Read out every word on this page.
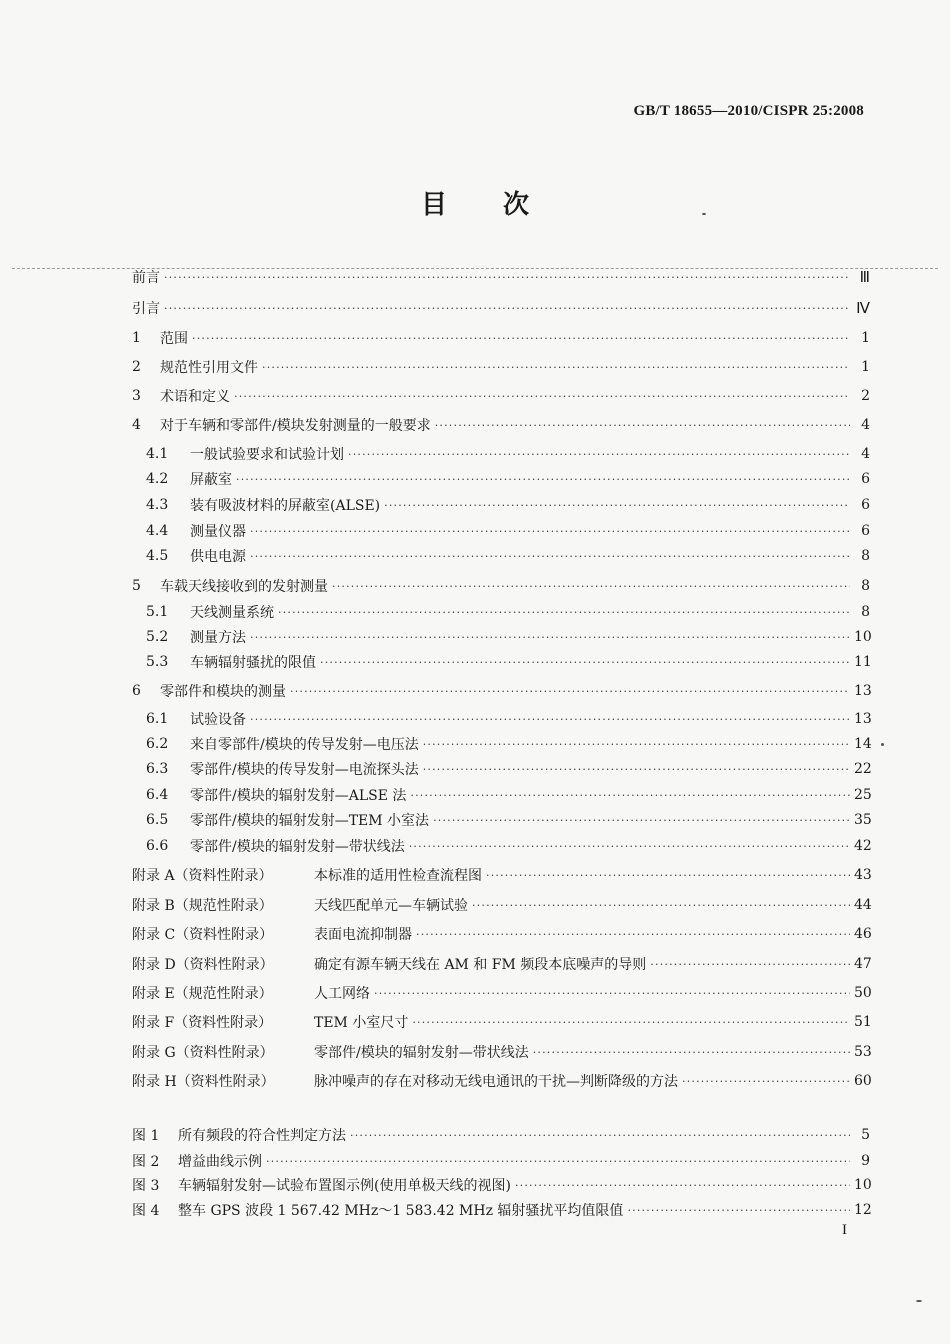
GB/T 18655—2010/CISPR 25:2008
目次
前言 ·····	Ⅲ
引言 ·····	Ⅳ
1	范围 ·····	1
2	规范性引用文件 ·····	1
3	术语和定义 ·····	2
4	对于车辆和零部件/模块发射测量的一般要求 ·····	4
4.1	一般试验要求和试验计划 ·····	4
4.2	屏蔽室 ·····	6
4.3	装有吸波材料的屏蔽室(ALSE) ·····	6
4.4	测量仪器 ·····	6
4.5	供电电源 ·····	8
5	车载天线接收到的发射测量 ·····	8
5.1	天线测量系统 ·····	8
5.2	测量方法 ·····	10
5.3	车辆辐射骚扰的限值 ·····	11
6	零部件和模块的测量 ·····	13
6.1	试验设备 ·····	13
6.2	来自零部件/模块的传导发射—电压法 ·····	14
6.3	零部件/模块的传导发射—电流探头法 ·····	22
6.4	零部件/模块的辐射发射—ALSE 法 ·····	25
6.5	零部件/模块的辐射发射—TEM 小室法 ·····	35
6.6	零部件/模块的辐射发射—带状线法 ·····	42
附录 A（资料性附录）	本标准的适用性检查流程图 ·····	43
附录 B（规范性附录）	天线匹配单元—车辆试验 ·····	44
附录 C（资料性附录）	表面电流抑制器 ·····	46
附录 D（资料性附录）	确定有源车辆天线在 AM 和 FM 频段本底噪声的导则 ·····	47
附录 E（规范性附录）	人工网络 ·····	50
附录 F（资料性附录）	TEM 小室尺寸 ·····	51
附录 G（资料性附录）	零部件/模块的辐射发射—带状线法 ·····	53
附录 H（资料性附录）	脉冲噪声的存在对移动无线电通讯的干扰—判断降级的方法 ·····	60
图 1	所有频段的符合性判定方法 ·····	5
图 2	增益曲线示例 ·····	9
图 3	车辆辐射发射—试验布置图示例(使用单极天线的视图) ·····	10
图 4	整车 GPS 波段 1 567.42 MHz～1 583.42 MHz 辐射骚扰平均值限值 ·····	12
I
